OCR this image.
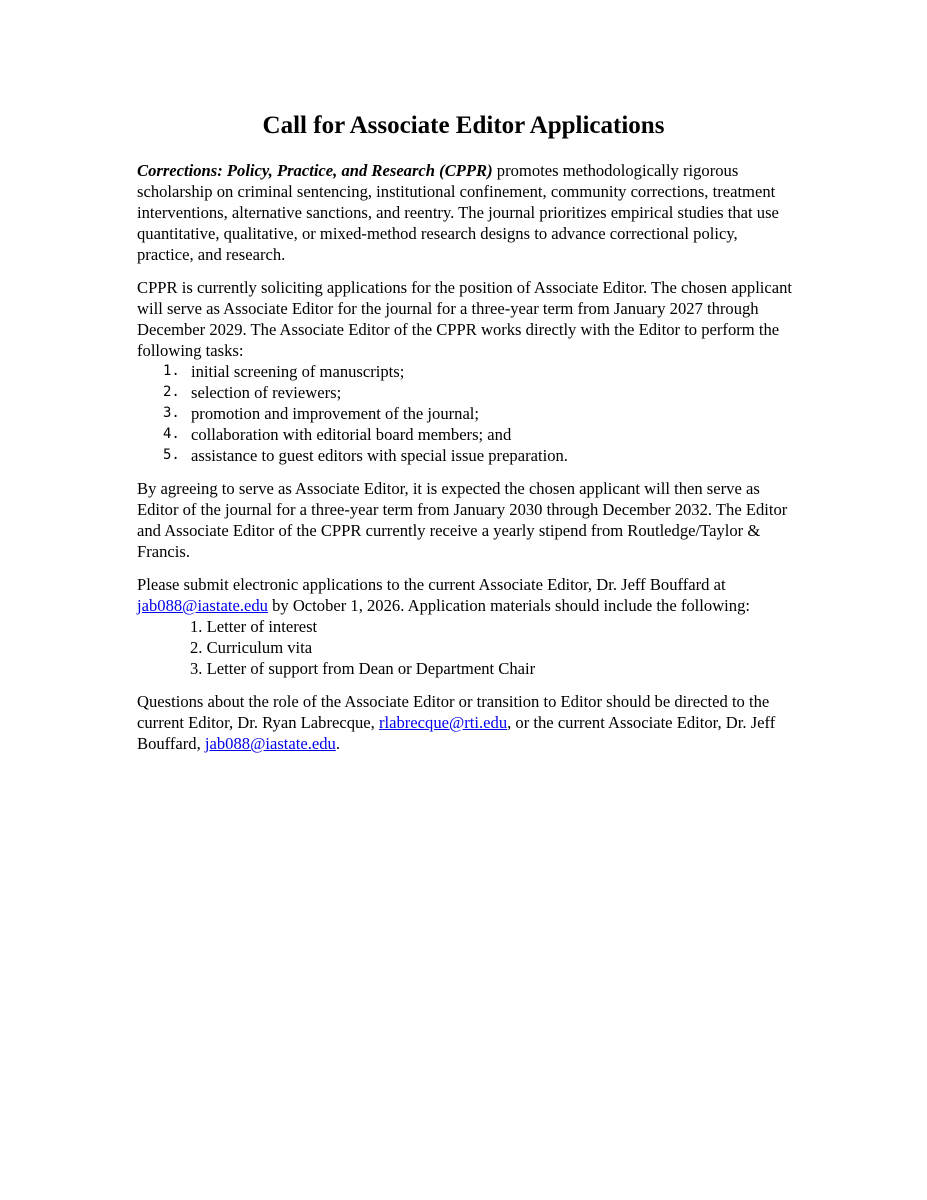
Call for Associate Editor Applications

Corrections: Policy, Practice, and Research (CPPR) promotes methodologically rigorous scholarship on criminal sentencing, institutional confinement, community corrections, treatment interventions, alternative sanctions, and reentry. The journal prioritizes empirical studies that use quantitative, qualitative, or mixed-method research designs to advance correctional policy, practice, and research.

CPPR is currently soliciting applications for the position of Associate Editor. The chosen applicant will serve as Associate Editor for the journal for a three-year term from January 2027 through December 2029. The Associate Editor of the CPPR works directly with the Editor to perform the following tasks:

1. initial screening of manuscripts;
2. selection of reviewers;
3. promotion and improvement of the journal;
4. collaboration with editorial board members; and
5. assistance to guest editors with special issue preparation.

By agreeing to serve as Associate Editor, it is expected the chosen applicant will then serve as Editor of the journal for a three-year term from January 2030 through December 2032. The Editor and Associate Editor of the CPPR currently receive a yearly stipend from Routledge/Taylor & Francis.

Please submit electronic applications to the current Associate Editor, Dr. Jeff Bouffard at jab088@iastate.edu by October 1, 2026. Application materials should include the following:

1. Letter of interest
2. Curriculum vita
3. Letter of support from Dean or Department Chair

Questions about the role of the Associate Editor or transition to Editor should be directed to the current Editor, Dr. Ryan Labrecque, rlabrecque@rti.edu, or the current Associate Editor, Dr. Jeff Bouffard, jab088@iastate.edu.
